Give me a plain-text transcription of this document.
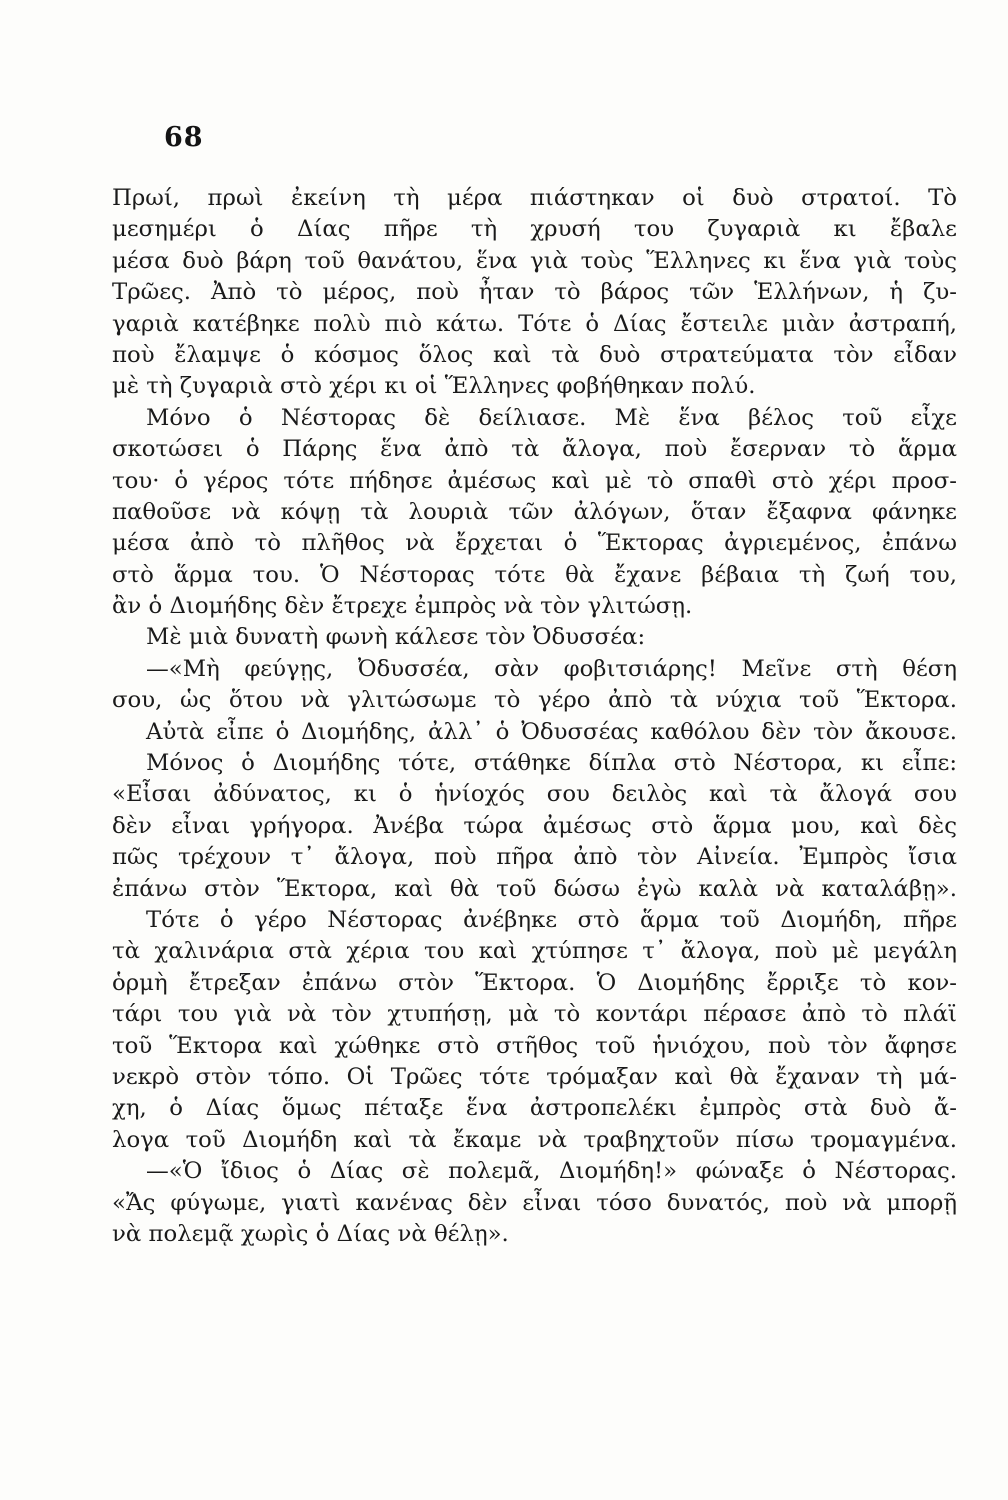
68
Πρωί, πρωὶ ἐκείνη τὴ μέρα πιάστηκαν οἱ δυὸ στρατοί. Τὸ
μεσημέρι ὁ Δίας πῆρε τὴ χρυσή του ζυγαριὰ κι ἔβαλε
μέσα δυὸ βάρη τοῦ θανάτου, ἕνα γιὰ τοὺς Ἕλληνες κι ἕνα γιὰ τοὺς
Τρῶες. Ἀπὸ τὸ μέρος, ποὺ ἦταν τὸ βάρος τῶν Ἑλλήνων, ἡ ζυ-
γαριὰ κατέβηκε πολὺ πιὸ κάτω. Τότε ὁ Δίας ἔστειλε μιὰν ἀστραπή,
ποὺ ἔλαμψε ὁ κόσμος ὅλος καὶ τὰ δυὸ στρατεύματα τὸν εἶδαν
μὲ τὴ ζυγαριὰ στὸ χέρι κι οἱ Ἕλληνες φοβήθηκαν πολύ.
Μόνο ὁ Νέστορας δὲ δείλιασε. Μὲ ἕνα βέλος τοῦ εἶχε
σκοτώσει ὁ Πάρης ἕνα ἀπὸ τὰ ἄλογα, ποὺ ἔσερναν τὸ ἅρμα
του· ὁ γέρος τότε πήδησε ἀμέσως καὶ μὲ τὸ σπαθὶ στὸ χέρι προσ-
παθοῦσε νὰ κόψῃ τὰ λουριὰ τῶν ἀλόγων, ὅταν ἔξαφνα φάνηκε
μέσα ἀπὸ τὸ πλῆθος νὰ ἔρχεται ὁ Ἕκτορας ἀγριεμένος, ἐπάνω
στὸ ἅρμα του. Ὁ Νέστορας τότε θὰ ἔχανε βέβαια τὴ ζωή του,
ἂν ὁ Διομήδης δὲν ἔτρεχε ἐμπρὸς νὰ τὸν γλιτώσῃ.
Μὲ μιὰ δυνατὴ φωνὴ κάλεσε τὸν Ὀδυσσέα:
—«Μὴ φεύγῃς, Ὀδυσσέα, σὰν φοβιτσιάρης! Μεῖνε στὴ θέση
σου, ὡς ὅτου νὰ γλιτώσωμε τὸ γέρο ἀπὸ τὰ νύχια τοῦ Ἕκτορα.
Αὐτὰ εἶπε ὁ Διομήδης, ἀλλ᾽ ὁ Ὀδυσσέας καθόλου δὲν τὸν ἄκουσε.
Μόνος ὁ Διομήδης τότε, στάθηκε δίπλα στὸ Νέστορα, κι εἶπε:
«Εἶσαι ἀδύνατος, κι ὁ ἡνίοχός σου δειλὸς καὶ τὰ ἄλογά σου
δὲν εἶναι γρήγορα. Ἀνέβα τώρα ἀμέσως στὸ ἅρμα μου, καὶ δὲς
πῶς τρέχουν τ᾽ ἄλογα, ποὺ πῆρα ἀπὸ τὸν Αἰνεία. Ἐμπρὸς ἴσια
ἐπάνω στὸν Ἕκτορα, καὶ θὰ τοῦ δώσω ἐγὼ καλὰ νὰ καταλάβῃ».
Τότε ὁ γέρο Νέστορας ἀνέβηκε στὸ ἅρμα τοῦ Διομήδη, πῆρε
τὰ χαλινάρια στὰ χέρια του καὶ χτύπησε τ᾽ ἄλογα, ποὺ μὲ μεγάλη
ὁρμὴ ἔτρεξαν ἐπάνω στὸν Ἕκτορα. Ὁ Διομήδης ἔρριξε τὸ κον-
τάρι του γιὰ νὰ τὸν χτυπήσῃ, μὰ τὸ κοντάρι πέρασε ἀπὸ τὸ πλάϊ
τοῦ Ἕκτορα καὶ χώθηκε στὸ στῆθος τοῦ ἡνιόχου, ποὺ τὸν ἄφησε
νεκρὸ στὸν τόπο. Οἱ Τρῶες τότε τρόμαξαν καὶ θὰ ἔχαναν τὴ μά-
χη, ὁ Δίας ὅμως πέταξε ἕνα ἀστροπελέκι ἐμπρὸς στὰ δυὸ ἄ-
λογα τοῦ Διομήδη καὶ τὰ ἔκαμε νὰ τραβηχτοῦν πίσω τρομαγμένα.
—«Ὁ ἴδιος ὁ Δίας σὲ πολεμᾶ, Διομήδη!» φώναξε ὁ Νέστορας.
«Ἄς φύγωμε, γιατὶ κανένας δὲν εἶναι τόσο δυνατός, ποὺ νὰ μπορῇ
νὰ πολεμᾷ χωρὶς ὁ Δίας νὰ θέλῃ».
